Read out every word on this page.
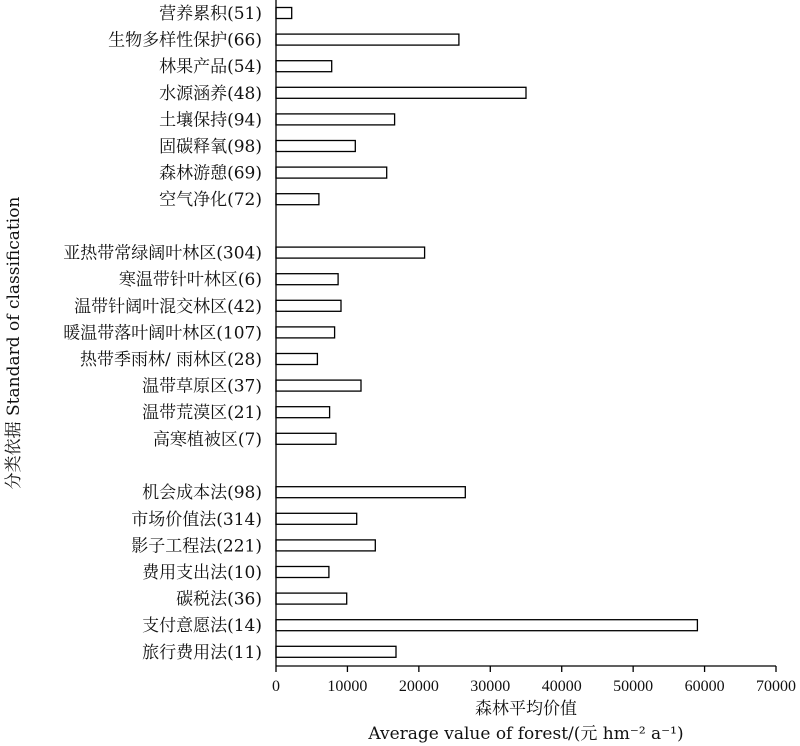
营养累积(51)
生物多样性保护(66)
林果产品(54)
水源涵养(48)
土壤保持(94)
固碳释氧(98)
森林游憩(69)
空气净化(72)
亚热带常绿阔叶林区(304)
寒温带针叶林区(6)
温带针阔叶混交林区(42)
暖温带落叶阔叶林区(107)
热带季雨林/ 雨林区(28)
温带草原区(37)
温带荒漠区(21)
高寒植被区(7)
机会成本法(98)
市场价值法(314)
影子工程法(221)
费用支出法(10)
碳税法(36)
支付意愿法(14)
旅行费用法(11)
0	10000 20000 30000 40000 50000 60000 70000
森林平均价值
Average value of forest/(元 hm⁻² a⁻¹)
分类依据 Standard of classification
